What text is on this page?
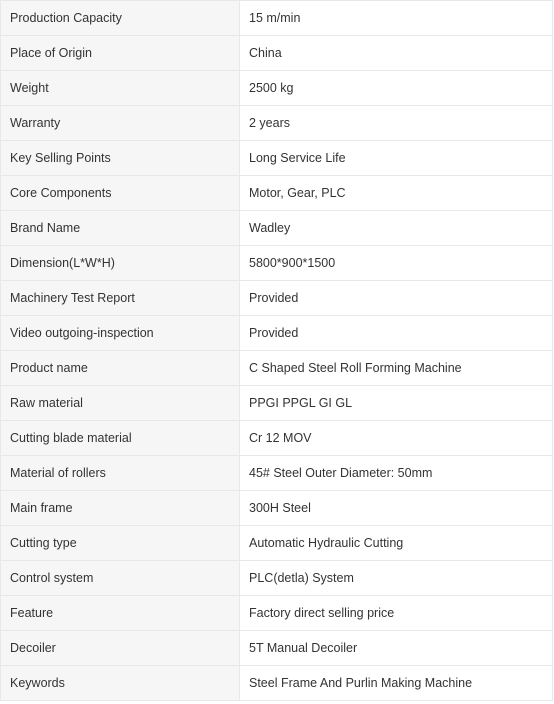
Production Capacity	15 m/min
Place of Origin	China
Weight	2500 kg
Warranty	2 years
Key Selling Points	Long Service Life
Core Components	Motor, Gear, PLC
Brand Name	Wadley
Dimension(L*W*H)	5800*900*1500
Machinery Test Report	Provided
Video outgoing-inspection	Provided
Product name	C Shaped Steel Roll Forming Machine
Raw material	PPGI PPGL GI GL
Cutting blade material	Cr 12 MOV
Material of rollers	45# Steel Outer Diameter: 50mm
Main frame	300H Steel
Cutting type	Automatic Hydraulic Cutting
Control system	PLC(detla) System
Feature	Factory direct selling price
Decoiler	5T Manual Decoiler
Keywords	Steel Frame And Purlin Making Machine
